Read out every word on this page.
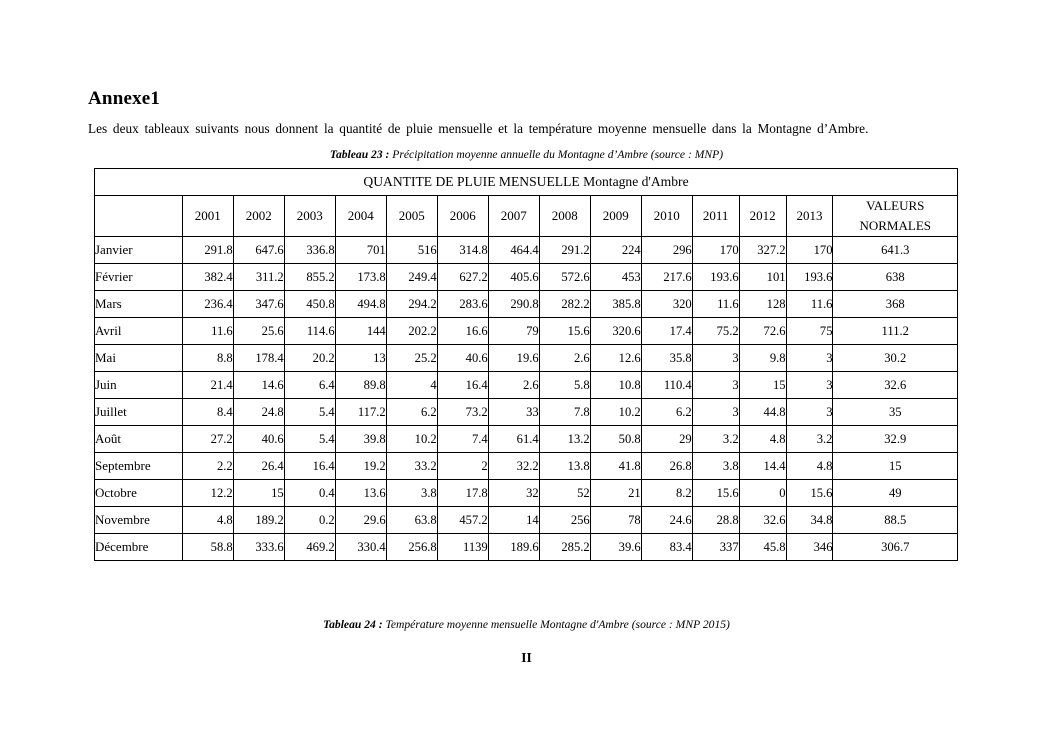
Annexe1
Les deux tableaux suivants nous donnent la quantité de pluie mensuelle et la température moyenne mensuelle dans la Montagne d’Ambre.
Tableau 23 : Précipitation moyenne annuelle du Montagne d’Ambre (source : MNP)
QUANTITE DE PLUIE MENSUELLE Montagne d'Ambre														
	2001	2002	2003	2004	2005	2006	2007	2008	2009	2010	2011	2012	2013	VALEURS
NORMALES

Janvier	291.8	647.6	336.8	701	516	314.8	464.4	291.2	224	296	170	327.2	170	641.3
Février	382.4	311.2	855.2	173.8	249.4	627.2	405.6	572.6	453	217.6	193.6	101	193.6	638
Mars	236.4	347.6	450.8	494.8	294.2	283.6	290.8	282.2	385.8	320	11.6	128	11.6	368
Avril	11.6	25.6	114.6	144	202.2	16.6	79	15.6	320.6	17.4	75.2	72.6	75	111.2
Mai	8.8	178.4	20.2	13	25.2	40.6	19.6	2.6	12.6	35.8	3	9.8	3	30.2
Juin	21.4	14.6	6.4	89.8	4	16.4	2.6	5.8	10.8	110.4	3	15	3	32.6
Juillet	8.4	24.8	5.4	117.2	6.2	73.2	33	7.8	10.2	6.2	3	44.8	3	35
Août	27.2	40.6	5.4	39.8	10.2	7.4	61.4	13.2	50.8	29	3.2	4.8	3.2	32.9
Septembre	2.2	26.4	16.4	19.2	33.2	2	32.2	13.8	41.8	26.8	3.8	14.4	4.8	15
Octobre	12.2	15	0.4	13.6	3.8	17.8	32	52	21	8.2	15.6	0	15.6	49
Novembre	4.8	189.2	0.2	29.6	63.8	457.2	14	256	78	24.6	28.8	32.6	34.8	88.5
Décembre	58.8	333.6	469.2	330.4	256.8	1139	189.6	285.2	39.6	83.4	337	45.8	346	306.7
Tableau 24 : Température moyenne mensuelle Montagne d'Ambre (source : MNP 2015)
II
